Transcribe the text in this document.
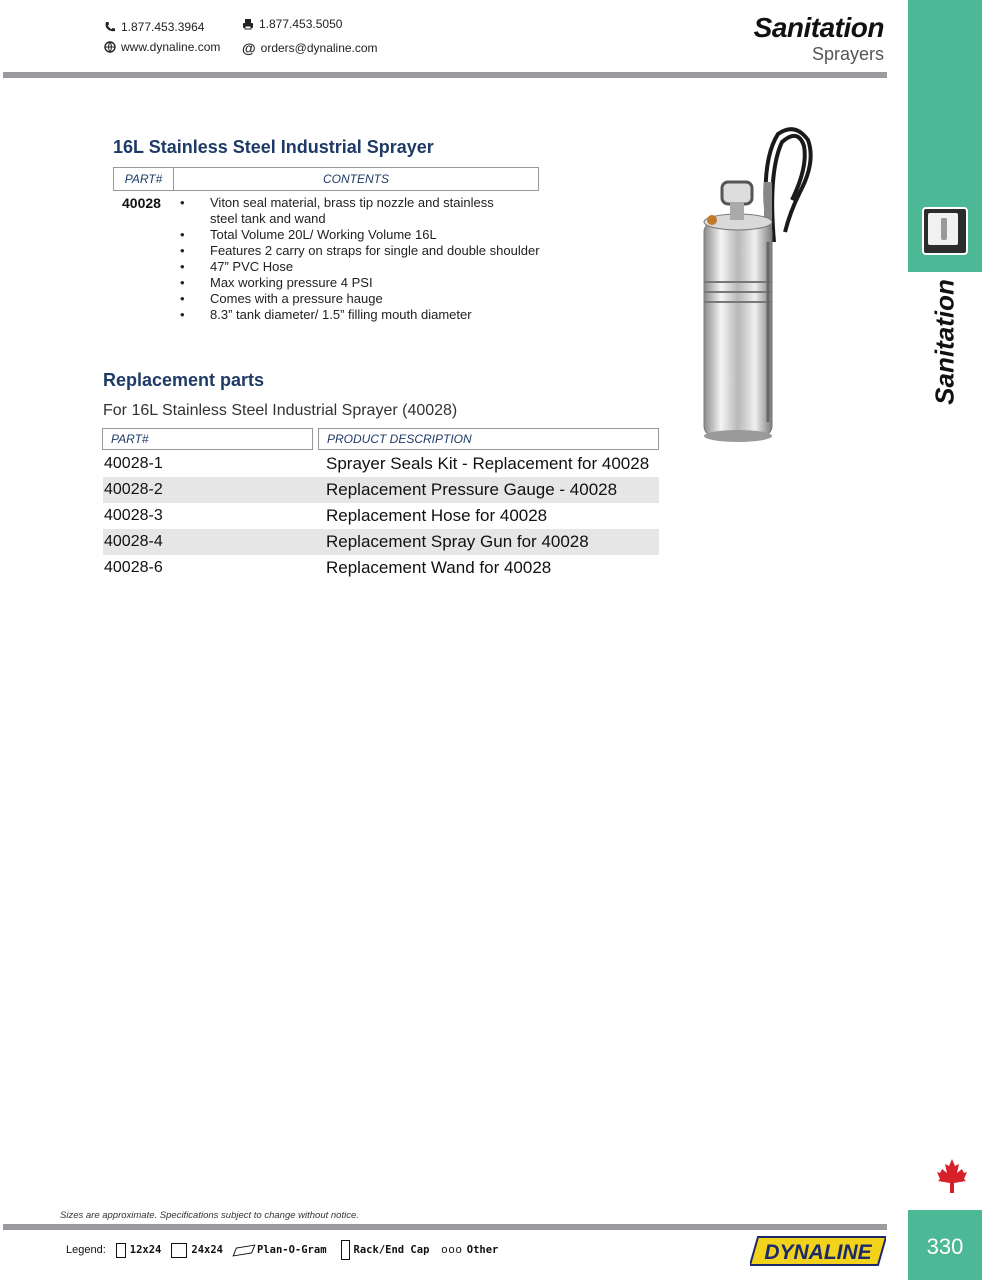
1.877.453.3964	1.877.453.5050
www.dynaline.com @ orders@dynaline.com
Sanitation
Sprayers
Sanitation
16L Stainless Steel Industrial Sprayer
PART#	CONTENTS
40028
•	Viton seal material, brass tip nozzle and stainless
steel tank and wand
• Total Volume 20L/ Working Volume 16L
• Features 2 carry on straps for single and double shoulder
• 47” PVC Hose
• Max working pressure 4 PSI
• Comes with a pressure hauge
• 8.3” tank diameter/ 1.5” filling mouth diameter
Replacement parts
For 16L Stainless Steel Industrial Sprayer (40028)
PART#	PRODUCT DESCRIPTION
40028-1	Sprayer Seals Kit - Replacement for 40028
40028-2	Replacement Pressure Gauge - 40028
40028-3	Replacement Hose for 40028
40028-4	Replacement Spray Gun for 40028
40028-6	Replacement Wand for 40028
Sizes are approximate. Specifications subject to change without notice.
Legend: 12x24	24x24	Plan-O-Gram	Rack/End Cap ooo Other	DYNALINE	330
